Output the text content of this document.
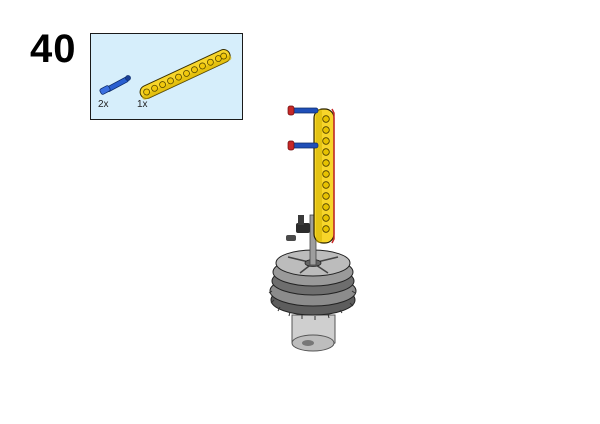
40
2x	1x
